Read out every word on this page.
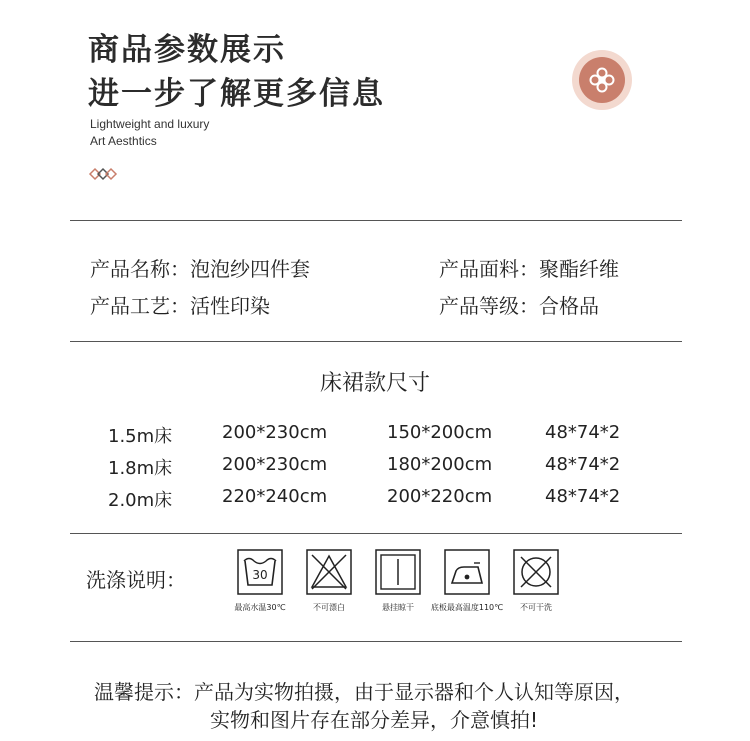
商品参数展示
进一步了解更多信息
Lightweight and luxury
Art Aesthtics
产品名称：泡泡纱四件套	产品面料：聚酯纤维
产品工艺：活性印染	产品等级：合格品
床裙款尺寸
1.5m床	200*230cm	150*200cm	48*74*2
1.8m床	200*230cm	180*200cm	48*74*2
2.0m床	220*240cm	200*220cm	48*74*2
洗涤说明：	30
最高水温30℃	不可漂白	悬挂晾干	底板最高温度110℃	不可干洗
温馨提示：产品为实物拍摄，由于显示器和个人认知等原因，
实物和图片存在部分差异，介意慎拍!
